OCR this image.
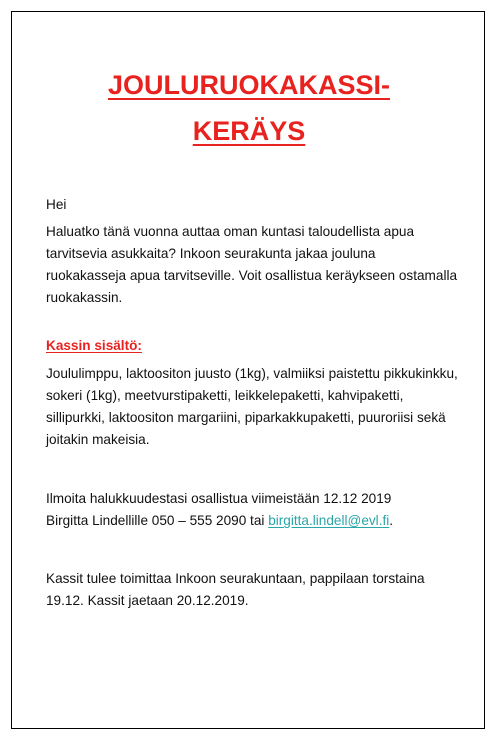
JOULURUOKAKASSI-
KERÄYS

Hei

Haluatko tänä vuonna auttaa oman kuntasi taloudellista apua tarvitsevia asukkaita? Inkoon seurakunta jakaa jouluna ruokakasseja apua tarvitseville. Voit osallistua keräykseen ostamalla ruokakassin.

Kassin sisältö:

Joululimppu, laktoositon juusto (1kg), valmiiksi paistettu pikkukinkku, sokeri (1kg), meetvurstipaketti, leikkelepaketti, kahvipaketti, sillipurkki, laktoositon margariini, piparkakkupaketti, puuroriisi sekä joitakin makeisia.

Ilmoita halukkuudestasi osallistua viimeistään 12.12 2019
Birgitta Lindellille 050 – 555 2090 tai birgitta.lindell@evl.fi.

Kassit tulee toimittaa Inkoon seurakuntaan, pappilaan torstaina 19.12. Kassit jaetaan 20.12.2019.
